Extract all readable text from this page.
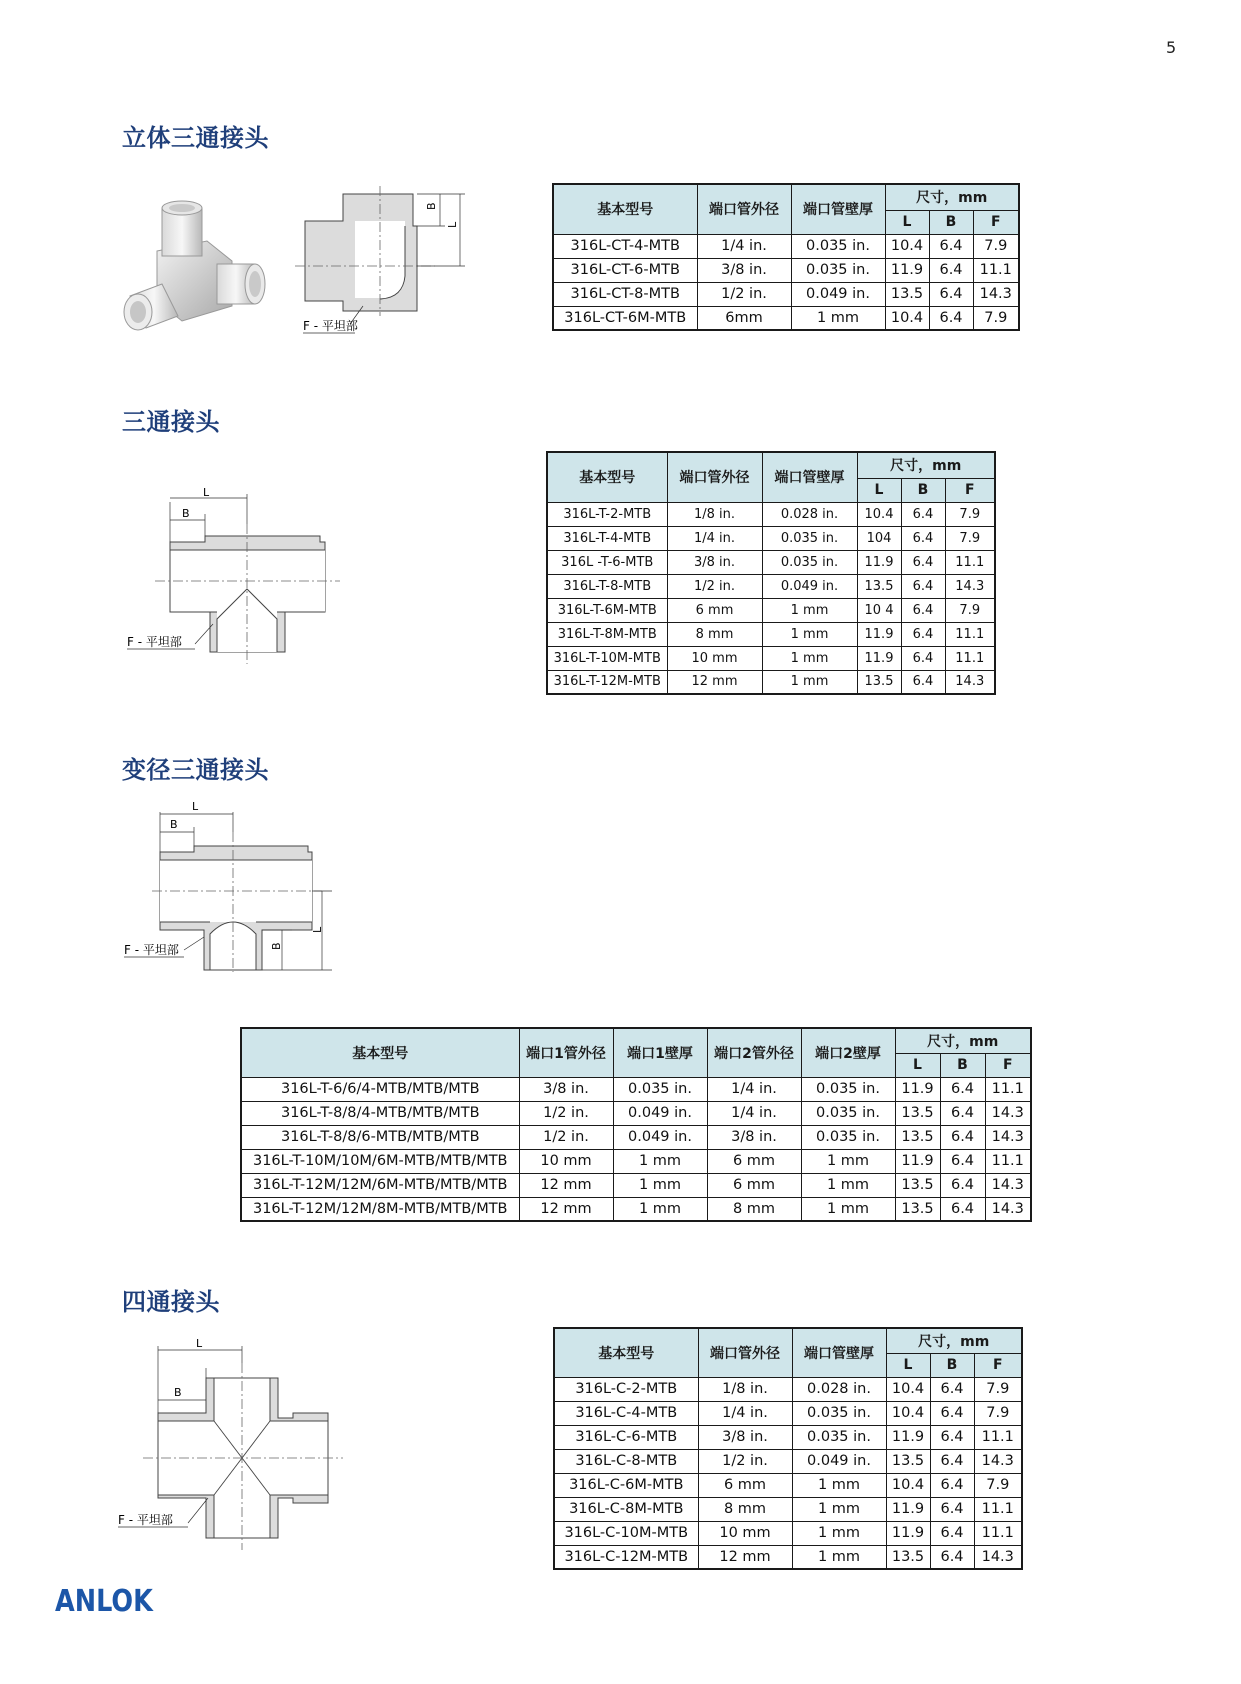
5
立体三通接头
B
L
F - 平坦部
基本型号	端口管外径	端口管壁厚	尺寸，mm		
			L	B	F
316L-CT-4-MTB	1/4 in.	0.035 in.	10.4	6.4	7.9
316L-CT-6-MTB	3/8 in.	0.035 in.	11.9	6.4	11.1
316L-CT-8-MTB	1/2 in.	0.049 in.	13.5	6.4	14.3
316L-CT-6M-MTB	6mm	1 mm	10.4	6.4	7.9
三通接头
L
B
F - 平坦部
基本型号	端口管外径	端口管壁厚	尺寸，mm		
			L	B	F
316L-T-2-MTB	1/8 in.	0.028 in.	10.4	6.4	7.9
316L-T-4-MTB	1/4 in.	0.035 in.	104	6.4	7.9
316L -T-6-MTB	3/8 in.	0.035 in.	11.9	6.4	11.1
316L-T-8-MTB	1/2 in.	0.049 in.	13.5	6.4	14.3
316L-T-6M-MTB	6 mm	1 mm	10 4	6.4	7.9
316L-T-8M-MTB	8 mm	1 mm	11.9	6.4	11.1
316L-T-10M-MTB	10 mm	1 mm	11.9	6.4	11.1
316L-T-12M-MTB	12 mm	1 mm	13.5	6.4	14.3
变径三通接头
L
B
B
L
F - 平坦部
基本型号	端口1管外径	端口1壁厚	端口2管外径	端口2壁厚	尺寸，mm		
					L	B	F
316L-T-6/6/4-MTB/MTB/MTB	3/8 in.	0.035 in.	1/4 in.	0.035 in.	11.9	6.4	11.1
316L-T-8/8/4-MTB/MTB/MTB	1/2 in.	0.049 in.	1/4 in.	0.035 in.	13.5	6.4	14.3
316L-T-8/8/6-MTB/MTB/MTB	1/2 in.	0.049 in.	3/8 in.	0.035 in.	13.5	6.4	14.3
316L-T-10M/10M/6M-MTB/MTB/MTB	10 mm	1 mm	6 mm	1 mm	11.9	6.4	11.1
316L-T-12M/12M/6M-MTB/MTB/MTB	12 mm	1 mm	6 mm	1 mm	13.5	6.4	14.3
316L-T-12M/12M/8M-MTB/MTB/MTB	12 mm	1 mm	8 mm	1 mm	13.5	6.4	14.3
四通接头
L
B
F - 平坦部
基本型号	端口管外径	端口管壁厚	尺寸，mm		
			L	B	F
316L-C-2-MTB	1/8 in.	0.028 in.	10.4	6.4	7.9
316L-C-4-MTB	1/4 in.	0.035 in.	10.4	6.4	7.9
316L-C-6-MTB	3/8 in.	0.035 in.	11.9	6.4	11.1
316L-C-8-MTB	1/2 in.	0.049 in.	13.5	6.4	14.3
316L-C-6M-MTB	6 mm	1 mm	10.4	6.4	7.9
316L-C-8M-MTB	8 mm	1 mm	11.9	6.4	11.1
316L-C-10M-MTB	10 mm	1 mm	11.9	6.4	11.1
316L-C-12M-MTB	12 mm	1 mm	13.5	6.4	14.3
ANLOK
